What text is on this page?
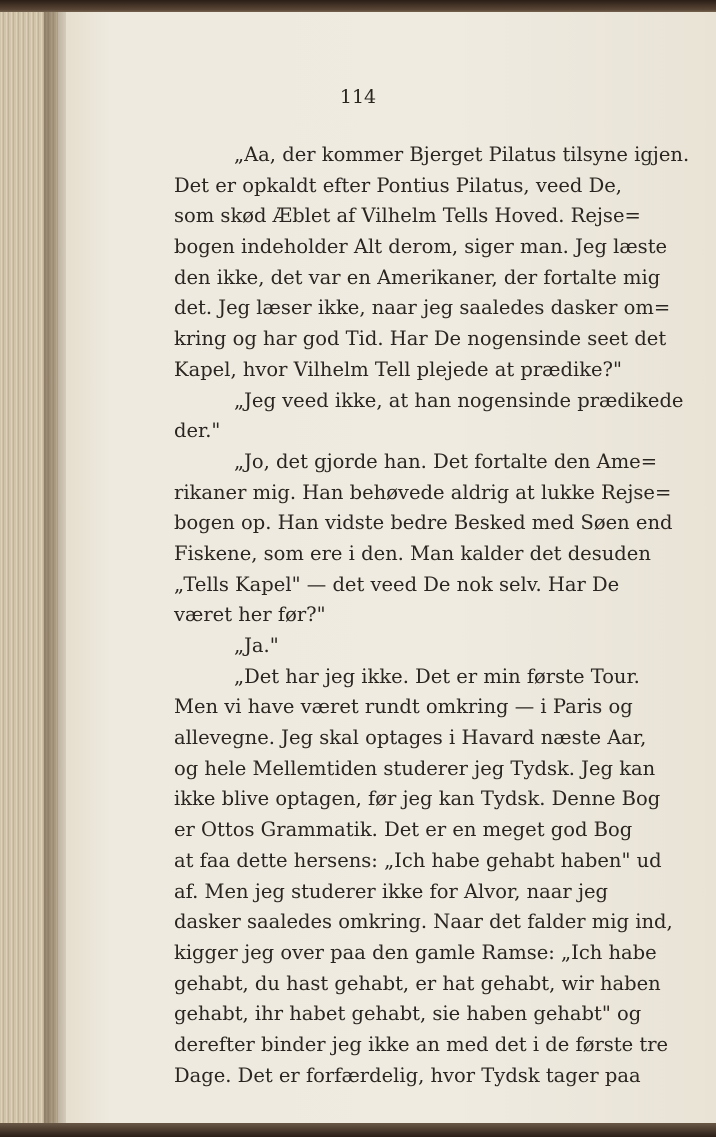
114
„Aa, der kommer Bjerget Pilatus tilsyne igjen.
Det er opkaldt efter Pontius Pilatus, veed De,
som skød Æblet af Vilhelm Tells Hoved. Rejse=
bogen indeholder Alt derom, siger man. Jeg læste
den ikke, det var en Amerikaner, der fortalte mig
det. Jeg læser ikke, naar jeg saaledes dasker om=
kring og har god Tid. Har De nogensinde seet det
Kapel, hvor Vilhelm Tell plejede at prædike?"
„Jeg veed ikke, at han nogensinde prædikede
der."
„Jo, det gjorde han. Det fortalte den Ame=
rikaner mig. Han behøvede aldrig at lukke Rejse=
bogen op. Han vidste bedre Besked med Søen end
Fiskene, som ere i den. Man kalder det desuden
„Tells Kapel" — det veed De nok selv. Har De
været her før?"
„Ja."
„Det har jeg ikke. Det er min første Tour.
Men vi have været rundt omkring — i Paris og
allevegne. Jeg skal optages i Havard næste Aar,
og hele Mellemtiden studerer jeg Tydsk. Jeg kan
ikke blive optagen, før jeg kan Tydsk. Denne Bog
er Ottos Grammatik. Det er en meget god Bog
at faa dette hersens: „Ich habe gehabt haben" ud
af. Men jeg studerer ikke for Alvor, naar jeg
dasker saaledes omkring. Naar det falder mig ind,
kigger jeg over paa den gamle Ramse: „Ich habe
gehabt, du hast gehabt, er hat gehabt, wir haben
gehabt, ihr habet gehabt, sie haben gehabt" og
derefter binder jeg ikke an med det i de første tre
Dage. Det er forfærdelig, hvor Tydsk tager paa
